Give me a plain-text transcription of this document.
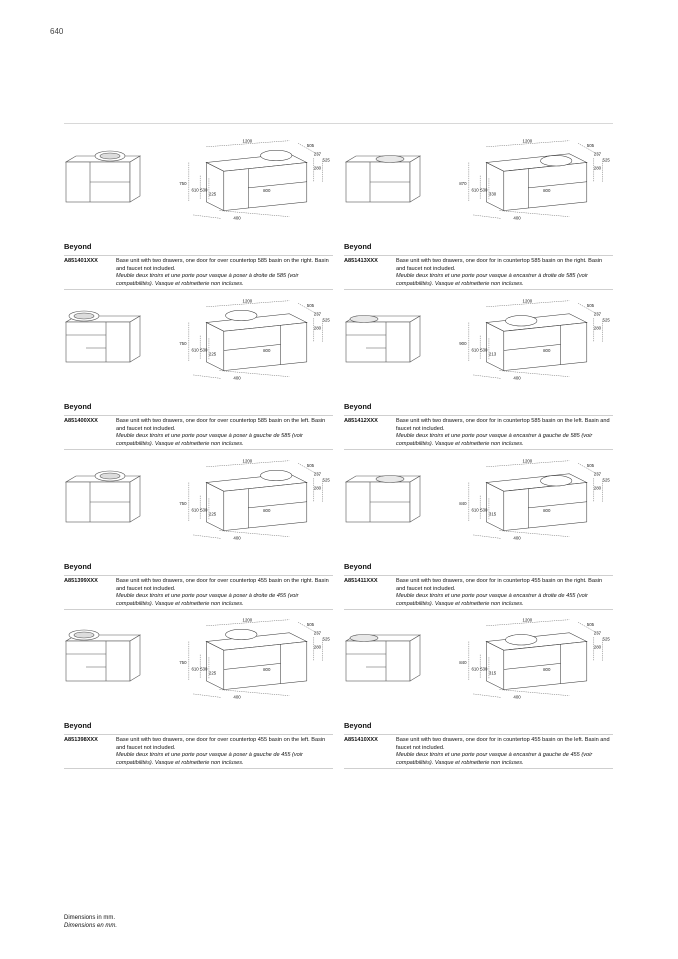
640
1200
505
237
525
280
750
610 530
225
800
400
Beyond
A851401XXX	Base unit with two drawers, one door for over countertop 585 basin on the right. Basin and faucet not included.
Meuble deux tiroirs et une porte pour vasque à poser à droite de 585 (voir compatibilités). Vasque et robinetterie non incluses.
1200
505
237
525
280
870
610 530
330
800
400
Beyond
A851413XXX	Base unit with two drawers, one door for in countertop 585 basin on the right. Basin and faucet not included.
Meuble deux tiroirs et une porte pour vasque à encastrer à droite de 585 (voir compatibilités). Vasque et robinetterie non incluses.
1200
505
237
525
280
750
610 530
225
800
400
Beyond
A851400XXX	Base unit with two drawers, one door for over countertop 585 basin on the left. Basin and faucet not included.
Meuble deux tiroirs et une porte pour vasque à poser à gauche de 585 (voir compatibilités). Vasque et robinetterie non incluses.
1200
505
237
525
280
900
610 530
213
800
400
Beyond
A851412XXX	Base unit with two drawers, one door for in countertop 585 basin on the left. Basin and faucet not included.
Meuble deux tiroirs et une porte pour vasque à encastrer à gauche de 585 (voir compatibilités). Vasque et robinetterie non incluses.
1200
505
237
525
280
750
610 530
225
800
400
Beyond
A851399XXX	Base unit with two drawers, one door for over countertop 455 basin on the right. Basin and faucet not included.
Meuble deux tiroirs et une porte pour vasque à poser à droite de 455 (voir compatibilités). Vasque et robinetterie non incluses.
1200
505
237
525
280
840
610 530
315
800
400
Beyond
A851411XXX	Base unit with two drawers, one door for in countertop 455 basin on the right. Basin and faucet not included.
Meuble deux tiroirs et une porte pour vasque à encastrer à droite de 455 (voir compatibilités). Vasque et robinetterie non incluses.
1200
505
237
525
280
750
610 530
225
800
400
Beyond
A851398XXX	Base unit with two drawers, one door for over countertop 455 basin on the left. Basin and faucet not included.
Meuble deux tiroirs et une porte pour vasque à poser à gauche de 455 (voir compatibilités). Vasque et robinetterie non incluses.
1200
505
237
525
280
840
610 530
315
800
400
Beyond
A851410XXX	Base unit with two drawers, one door for in countertop 455 basin on the left. Basin and faucet not included.
Meuble deux tiroirs et une porte pour vasque à encastrer à gauche de 455 (voir compatibilités). Vasque et robinetterie non incluses.
Dimensions in mm.
Dimensions en mm.
